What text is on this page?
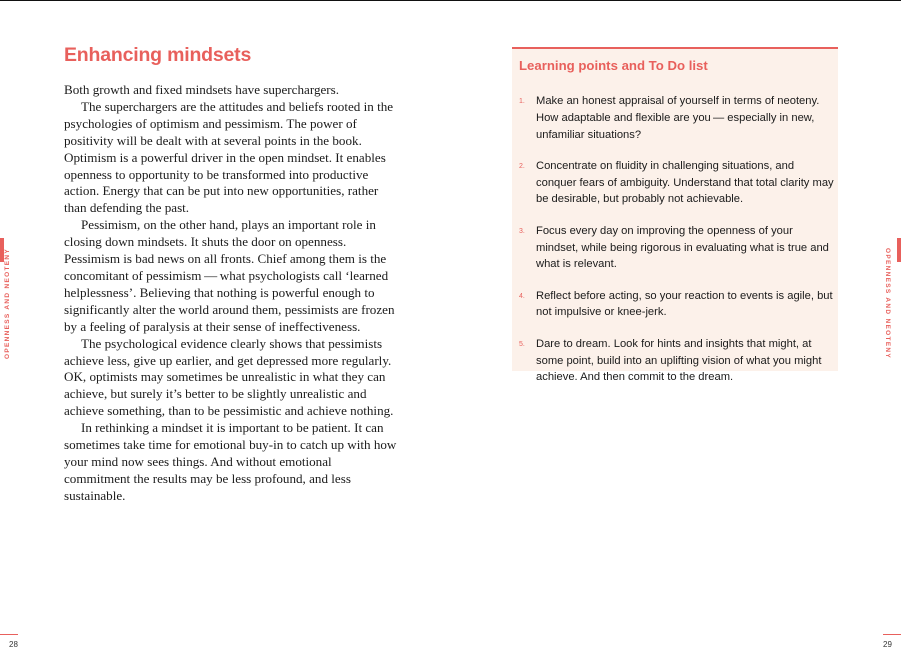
Enhancing mindsets

Both growth and fixed mindsets have superchargers.

The superchargers are the attitudes and beliefs rooted in the psychologies of optimism and pessimism. The power of positivity will be dealt with at several points in the book. Optimism is a powerful driver in the open mindset. It enables openness to opportunity to be transformed into productive action. Energy that can be put into new opportunities, rather than defending the past.

Pessimism, on the other hand, plays an important role in closing down mindsets. It shuts the door on openness. Pessimism is bad news on all fronts. Chief among them is the concomitant of pessimism — what psychologists call ‘learned helplessness’. Believing that nothing is powerful enough to significantly alter the world around them, pessimists are frozen by a feeling of paralysis at their sense of ineffectiveness.

The psychological evidence clearly shows that pessimists achieve less, give up earlier, and get depressed more regularly. OK, optimists may sometimes be unrealistic in what they can achieve, but surely it’s better to be slightly unrealistic and achieve something, than to be pessimistic and achieve nothing.

In rethinking a mindset it is important to be patient. It can sometimes take time for emotional buy-in to catch up with how your mind now sees things. And without emotional commitment the results may be less profound, and less sustainable.

OPENNESS AND NEOTENY
28
Learning points and To Do list
1. Make an honest appraisal of yourself in terms of neoteny. How adaptable and flexible are you — especially in new, unfamiliar situations?
2. Concentrate on fluidity in challenging situations, and conquer fears of ambiguity. Understand that total clarity may be desirable, but probably not achievable.
3. Focus every day on improving the openness of your mindset, while being rigorous in evaluating what is true and what is relevant.
4. Reflect before acting, so your reaction to events is agile, but not impulsive or knee-jerk.
5. Dare to dream. Look for hints and insights that might, at some point, build into an uplifting vision of what you might achieve. And then commit to the dream.
OPENNESS AND NEOTENY
29
